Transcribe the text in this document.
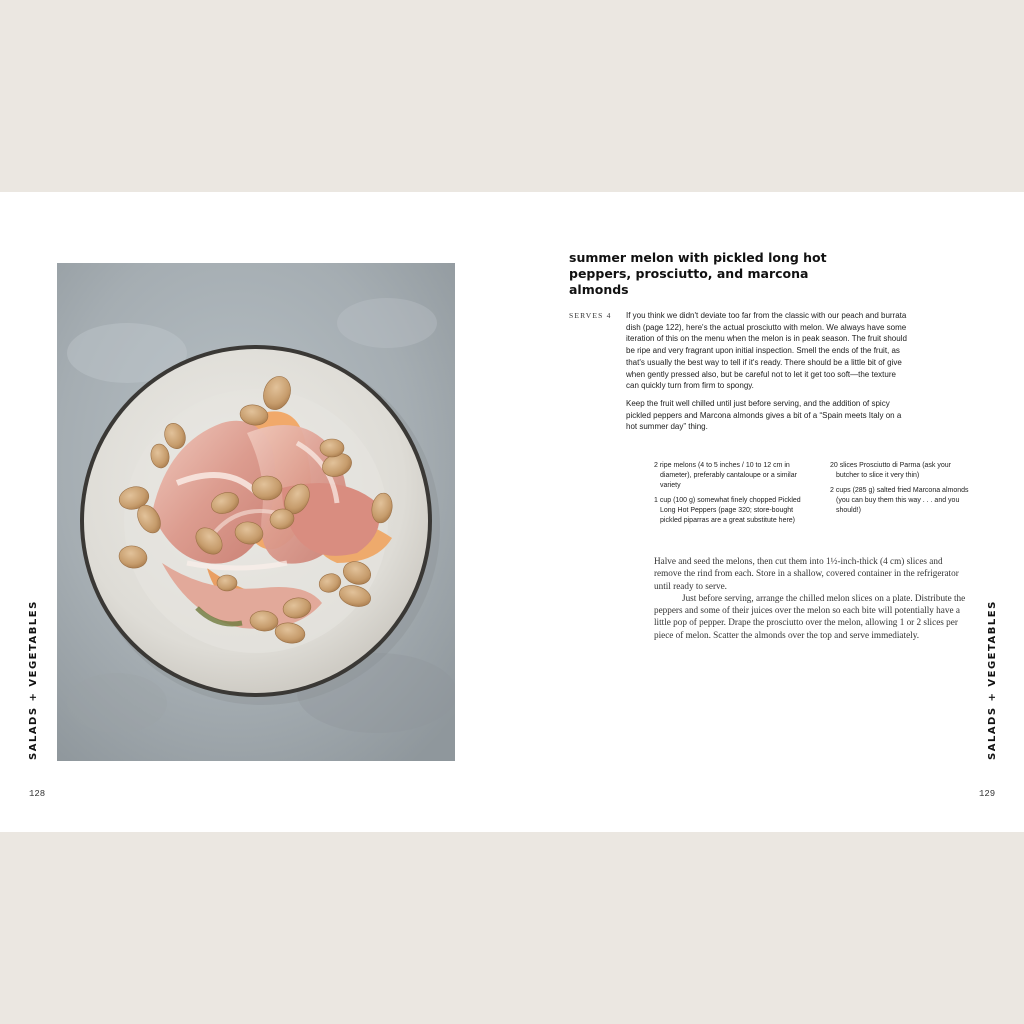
SALADS + VEGETABLES
128
summer melon with pickled long hot peppers, prosciutto, and marcona almonds
SERVES 4 If you think we didn't deviate too far from the classic with our peach and burrata dish (page 122), here's the actual prosciutto with melon. We always have some iteration of this on the menu when the melon is in peak season. The fruit should be ripe and very fragrant upon initial inspection. Smell the ends of the fruit, as that's usually the best way to tell if it's ready. There should be a little bit of give when gently pressed also, but be careful not to let it get too soft—the texture can quickly turn from firm to spongy.

Keep the fruit well chilled until just before serving, and the addition of spicy pickled peppers and Marcona almonds gives a bit of a “Spain meets Italy on a hot summer day” thing.

2 ripe melons (4 to 5 inches / 10 to 12 cm in diameter), preferably cantaloupe or a similar variety

1 cup (100 g) somewhat finely chopped Pickled Long Hot Peppers (page 320; store-bought pickled piparras are a great substitute here)

20 slices Prosciutto di Parma (ask your butcher to slice it very thin)

2 cups (285 g) salted fried Marcona almonds (you can buy them this way . . . and you should!)

Halve and seed the melons, then cut them into 1½-inch-thick (4 cm) slices and remove the rind from each. Store in a shallow, covered container in the refrigerator until ready to serve.

Just before serving, arrange the chilled melon slices on a plate. Distribute the peppers and some of their juices over the melon so each bite will potentially have a little pop of pepper. Drape the prosciutto over the melon, allowing 1 or 2 slices per piece of melon. Scatter the almonds over the top and serve immediately.	SALADS + VEGETABLES
129
